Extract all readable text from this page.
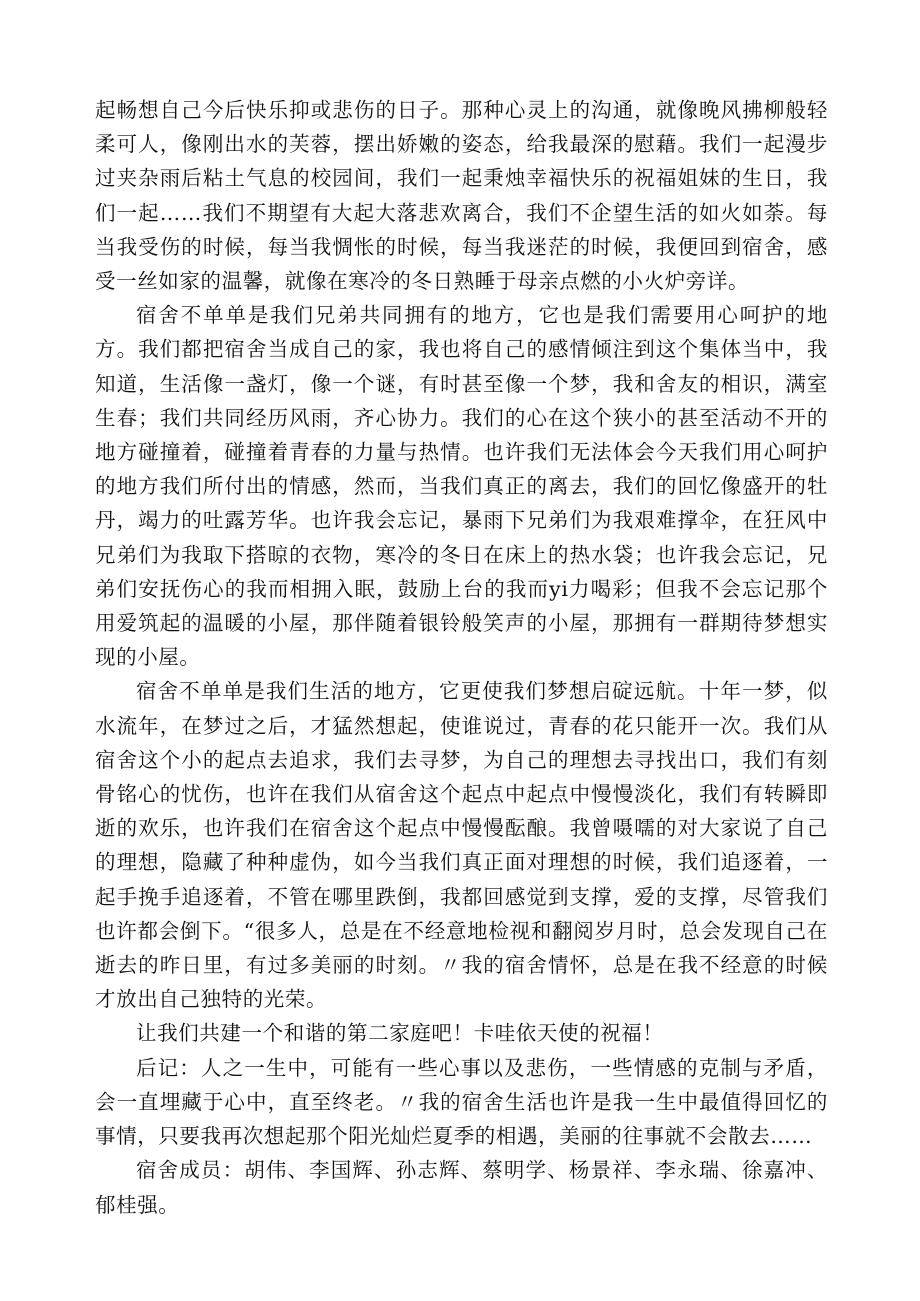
起畅想自己今后快乐抑或悲伤的日子。那种心灵上的沟通，就像晚风拂柳般轻柔可人，像刚出水的芙蓉，摆出娇嫩的姿态，给我最深的慰藉。我们一起漫步过夹杂雨后粘土气息的校园间，我们一起秉烛幸福快乐的祝福姐妹的生日，我们一起……我们不期望有大起大落悲欢离合，我们不企望生活的如火如荼。每当我受伤的时候，每当我惆怅的时候，每当我迷茫的时候，我便回到宿舍，感受一丝如家的温馨，就像在寒冷的冬日熟睡于母亲点燃的小火炉旁详。

宿舍不单单是我们兄弟共同拥有的地方，它也是我们需要用心呵护的地方。我们都把宿舍当成自己的家，我也将自己的感情倾注到这个集体当中，我知道，生活像一盏灯，像一个谜，有时甚至像一个梦，我和舍友的相识，满室生春；我们共同经历风雨，齐心协力。我们的心在这个狭小的甚至活动不开的地方碰撞着，碰撞着青春的力量与热情。也许我们无法体会今天我们用心呵护的地方我们所付出的情感，然而，当我们真正的离去，我们的回忆像盛开的牡丹，竭力的吐露芳华。也许我会忘记，暴雨下兄弟们为我艰难撑伞，在狂风中兄弟们为我取下搭晾的衣物，寒冷的冬日在床上的热水袋；也许我会忘记，兄弟们安抚伤心的我而相拥入眠，鼓励上台的我而yi力喝彩；但我不会忘记那个用爱筑起的温暖的小屋，那伴随着银铃般笑声的小屋，那拥有一群期待梦想实现的小屋。

宿舍不单单是我们生活的地方，它更使我们梦想启碇远航。十年一梦，似水流年，在梦过之后，才猛然想起，使谁说过，青春的花只能开一次。我们从宿舍这个小的起点去追求，我们去寻梦，为自己的理想去寻找出口，我们有刻骨铭心的忧伤，也许在我们从宿舍这个起点中起点中慢慢淡化，我们有转瞬即逝的欢乐，也许我们在宿舍这个起点中慢慢酝酿。我曾嗫嚅的对大家说了自己的理想，隐藏了种种虚伪，如今当我们真正面对理想的时候，我们追逐着，一起手挽手追逐着，不管在哪里跌倒，我都回感觉到支撑，爱的支撑，尽管我们也许都会倒下。“很多人，总是在不经意地检视和翻阅岁月时，总会发现自己在逝去的昨日里，有过多美丽的时刻。〃我的宿舍情怀，总是在我不经意的时候才放出自己独特的光荣。

让我们共建一个和谐的第二家庭吧！卡哇依天使的祝福！

后记：人之一生中，可能有一些心事以及悲伤，一些情感的克制与矛盾，会一直埋藏于心中，直至终老。〃我的宿舍生活也许是我一生中最值得回忆的事情，只要我再次想起那个阳光灿烂夏季的相遇，美丽的往事就不会散去……

宿舍成员：胡伟、李国辉、孙志辉、蔡明学、杨景祥、李永瑞、徐嘉冲、郁桂强。
